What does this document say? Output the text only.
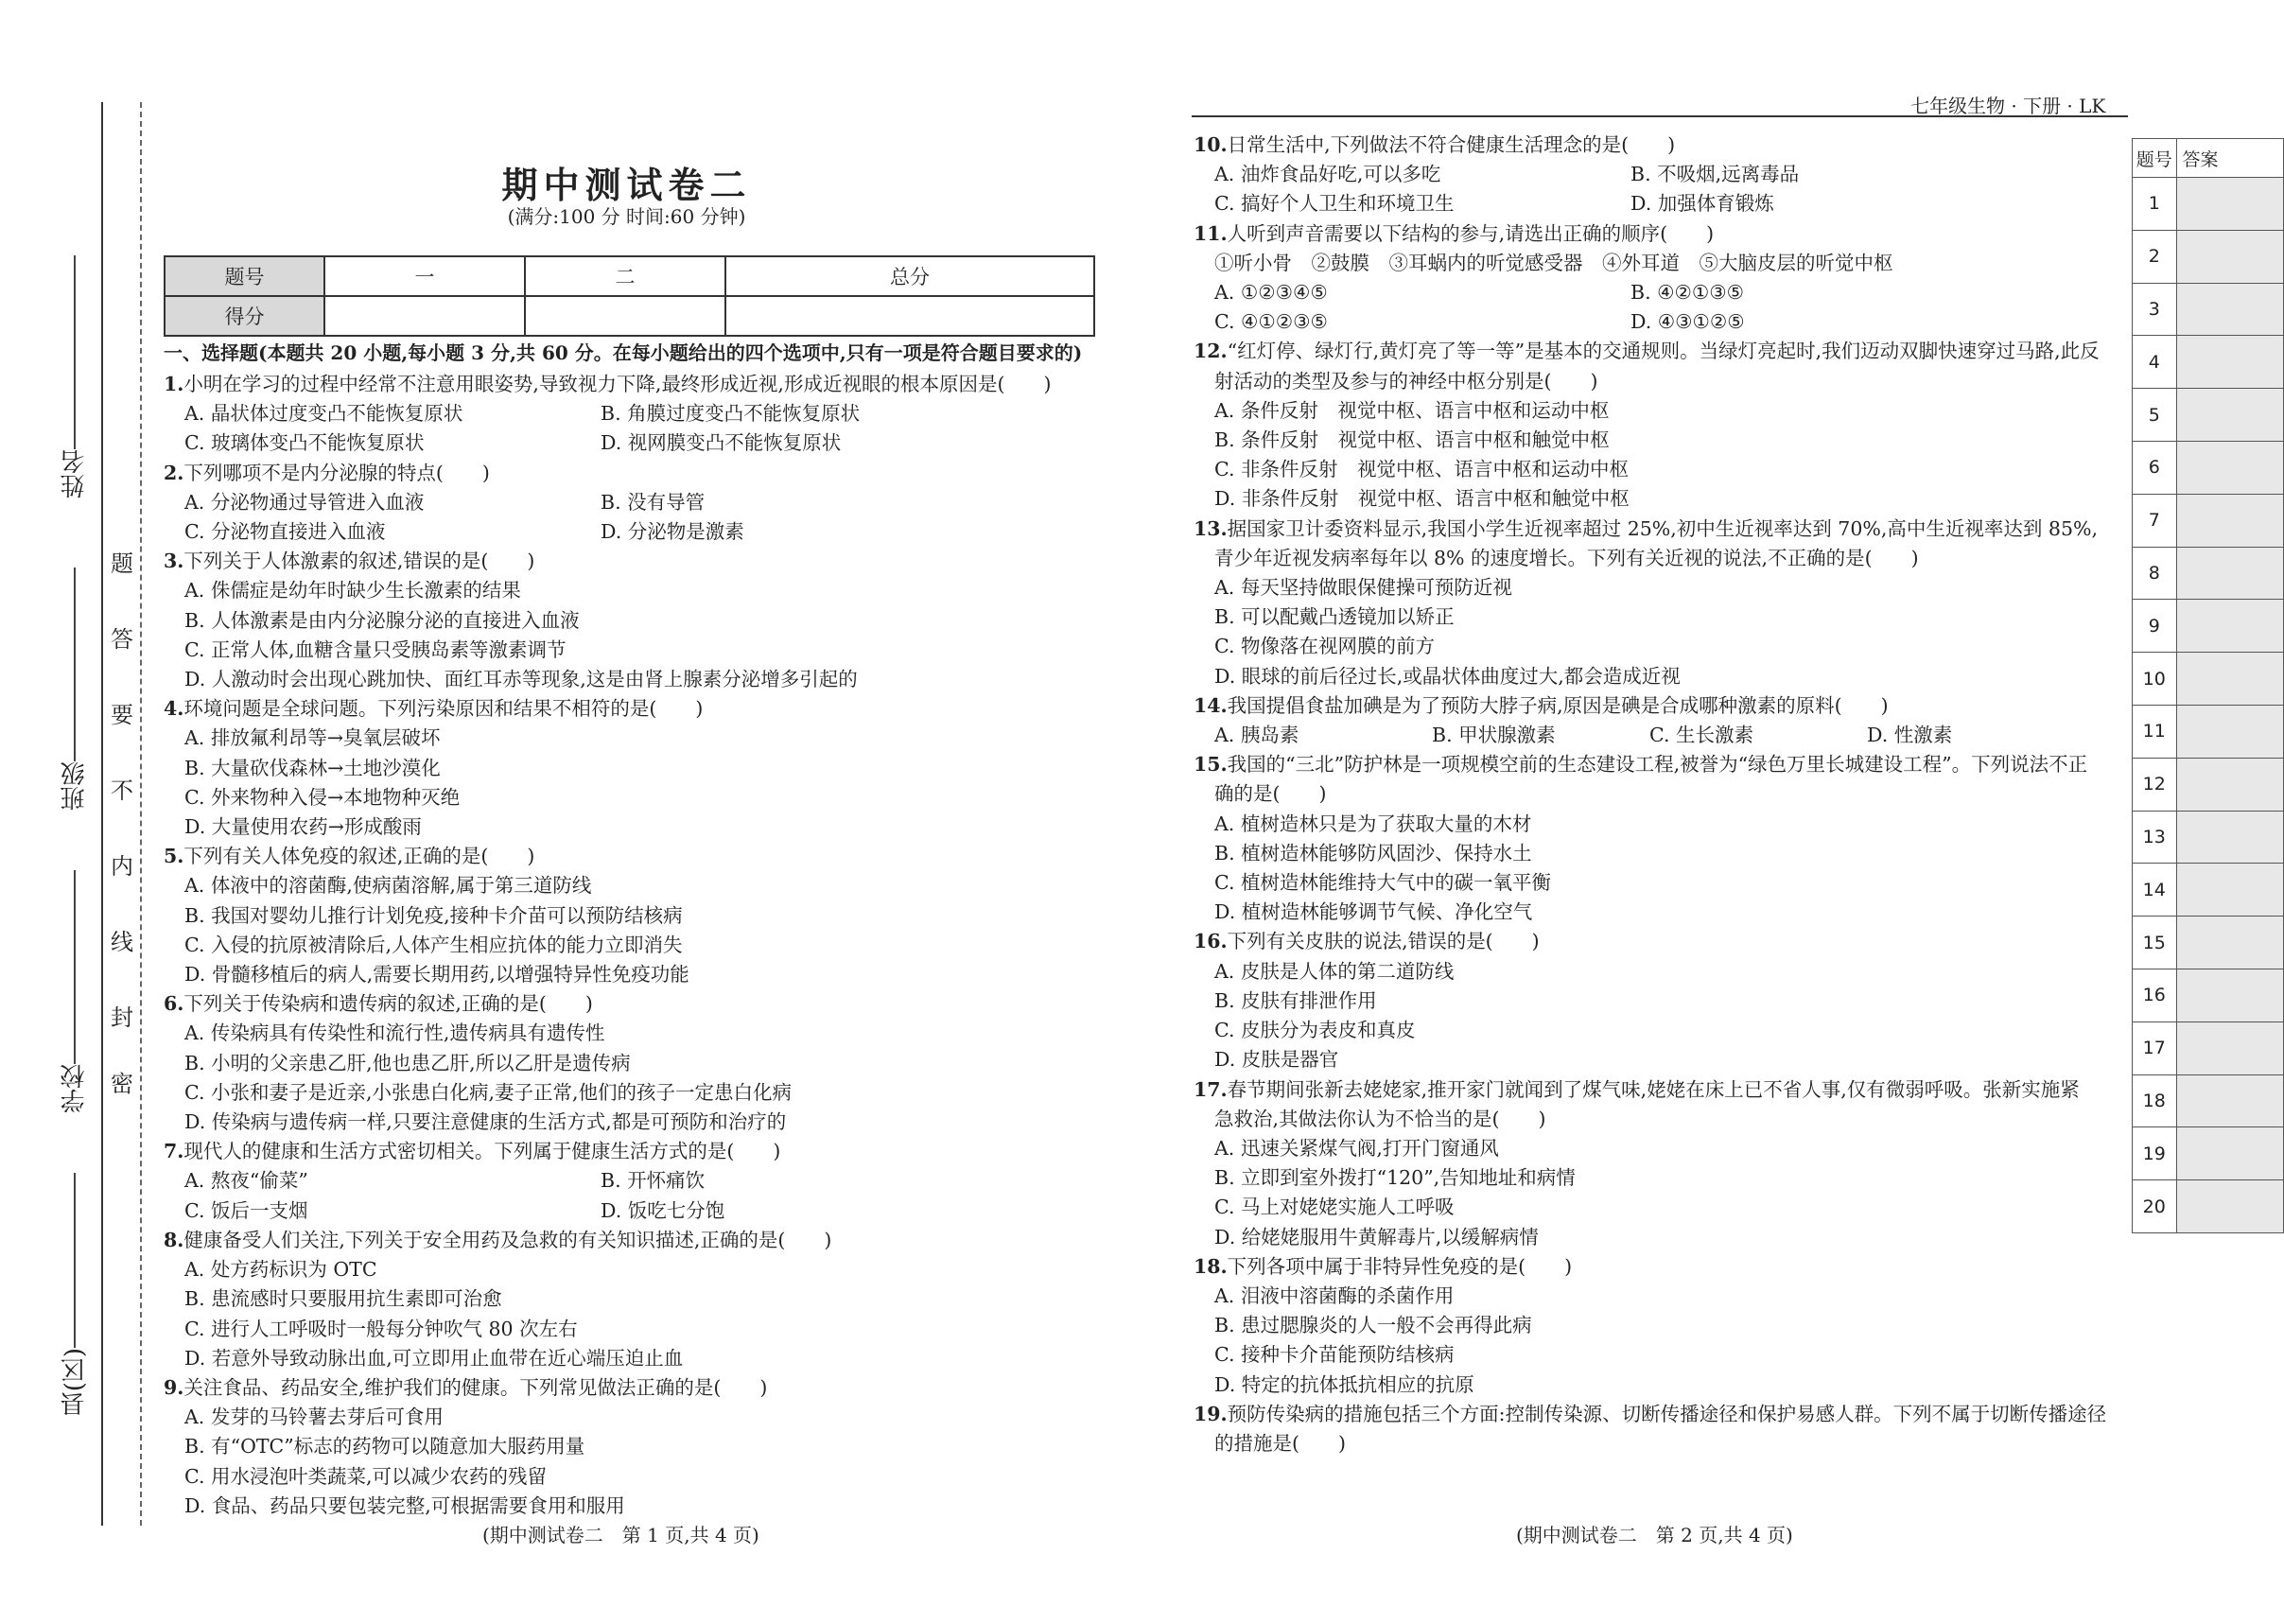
姓名
班级
学校
县(区)
题
答
要
不
内
线
封
密
期中测试卷二
(满分:100 分 时间:60 分钟)
题号	一	二	总分
得分			
一、选择题(本题共 20 小题,每小题 3 分,共 60 分。在每小题给出的四个选项中,只有一项是符合题目要求的)
1.小明在学习的过程中经常不注意用眼姿势,导致视力下降,最终形成近视,形成近视眼的根本原因是(　　)
A. 晶状体过度变凸不能恢复原状	B. 角膜过度变凸不能恢复原状
C. 玻璃体变凸不能恢复原状	D. 视网膜变凸不能恢复原状
2.下列哪项不是内分泌腺的特点(　　)
A. 分泌物通过导管进入血液	B. 没有导管
C. 分泌物直接进入血液	D. 分泌物是激素
3.下列关于人体激素的叙述,错误的是(　　)
A. 侏儒症是幼年时缺少生长激素的结果
B. 人体激素是由内分泌腺分泌的直接进入血液
C. 正常人体,血糖含量只受胰岛素等激素调节
D. 人激动时会出现心跳加快、面红耳赤等现象,这是由肾上腺素分泌增多引起的
4.环境问题是全球问题。下列污染原因和结果不相符的是(　　)
A. 排放氟利昂等→臭氧层破坏
B. 大量砍伐森林→土地沙漠化
C. 外来物种入侵→本地物种灭绝
D. 大量使用农药→形成酸雨
5.下列有关人体免疫的叙述,正确的是(　　)
A. 体液中的溶菌酶,使病菌溶解,属于第三道防线
B. 我国对婴幼儿推行计划免疫,接种卡介苗可以预防结核病
C. 入侵的抗原被清除后,人体产生相应抗体的能力立即消失
D. 骨髓移植后的病人,需要长期用药,以增强特异性免疫功能
6.下列关于传染病和遗传病的叙述,正确的是(　　)
A. 传染病具有传染性和流行性,遗传病具有遗传性
B. 小明的父亲患乙肝,他也患乙肝,所以乙肝是遗传病
C. 小张和妻子是近亲,小张患白化病,妻子正常,他们的孩子一定患白化病
D. 传染病与遗传病一样,只要注意健康的生活方式,都是可预防和治疗的
7.现代人的健康和生活方式密切相关。下列属于健康生活方式的是(　　)
A. 熬夜“偷菜”	B. 开怀痛饮
C. 饭后一支烟	D. 饭吃七分饱
8.健康备受人们关注,下列关于安全用药及急救的有关知识描述,正确的是(　　)
A. 处方药标识为 OTC
B. 患流感时只要服用抗生素即可治愈
C. 进行人工呼吸时一般每分钟吹气 80 次左右
D. 若意外导致动脉出血,可立即用止血带在近心端压迫止血
9.关注食品、药品安全,维护我们的健康。下列常见做法正确的是(　　)
A. 发芽的马铃薯去芽后可食用
B. 有“OTC”标志的药物可以随意加大服药用量
C. 用水浸泡叶类蔬菜,可以减少农药的残留
D. 食品、药品只要包装完整,可根据需要食用和服用
10.日常生活中,下列做法不符合健康生活理念的是(　　)
A. 油炸食品好吃,可以多吃	B. 不吸烟,远离毒品
C. 搞好个人卫生和环境卫生	D. 加强体育锻炼
11.人听到声音需要以下结构的参与,请选出正确的顺序(　　)
①听小骨　②鼓膜　③耳蜗内的听觉感受器　④外耳道　⑤大脑皮层的听觉中枢
A. ①②③④⑤	B. ④②①③⑤
C. ④①②③⑤	D. ④③①②⑤
12.“红灯停、绿灯行,黄灯亮了等一等”是基本的交通规则。当绿灯亮起时,我们迈动双脚快速穿过马路,此反
射活动的类型及参与的神经中枢分别是(　　)
A. 条件反射　视觉中枢、语言中枢和运动中枢
B. 条件反射　视觉中枢、语言中枢和触觉中枢
C. 非条件反射　视觉中枢、语言中枢和运动中枢
D. 非条件反射　视觉中枢、语言中枢和触觉中枢
13.据国家卫计委资料显示,我国小学生近视率超过 25%,初中生近视率达到 70%,高中生近视率达到 85%,
青少年近视发病率每年以 8% 的速度增长。下列有关近视的说法,不正确的是(　　)
A. 每天坚持做眼保健操可预防近视
B. 可以配戴凸透镜加以矫正
C. 物像落在视网膜的前方
D. 眼球的前后径过长,或晶状体曲度过大,都会造成近视
14.我国提倡食盐加碘是为了预防大脖子病,原因是碘是合成哪种激素的原料(　　)
A. 胰岛素	B. 甲状腺激素	C. 生长激素	D. 性激素
15.我国的“三北”防护林是一项规模空前的生态建设工程,被誉为“绿色万里长城建设工程”。下列说法不正
确的是(　　)
A. 植树造林只是为了获取大量的木材
B. 植树造林能够防风固沙、保持水土
C. 植树造林能维持大气中的碳一氧平衡
D. 植树造林能够调节气候、净化空气
16.下列有关皮肤的说法,错误的是(　　)
A. 皮肤是人体的第二道防线
B. 皮肤有排泄作用
C. 皮肤分为表皮和真皮
D. 皮肤是器官
17.春节期间张新去姥姥家,推开家门就闻到了煤气味,姥姥在床上已不省人事,仅有微弱呼吸。张新实施紧
急救治,其做法你认为不恰当的是(　　)
A. 迅速关紧煤气阀,打开门窗通风
B. 立即到室外拨打“120”,告知地址和病情
C. 马上对姥姥实施人工呼吸
D. 给姥姥服用牛黄解毒片,以缓解病情
18.下列各项中属于非特异性免疫的是(　　)
A. 泪液中溶菌酶的杀菌作用
B. 患过腮腺炎的人一般不会再得此病
C. 接种卡介苗能预防结核病
D. 特定的抗体抵抗相应的抗原
19.预防传染病的措施包括三个方面:控制传染源、切断传播途径和保护易感人群。下列不属于切断传播途径
的措施是(　　)
七年级生物 · 下册 · LK
题号	答案
1	
2	
3	
4	
5	
6	
7	
8	
9	
10	
11	
12	
13	
14	
15	
16	
17	
18	
19	
20	
(期中测试卷二　第 1 页,共 4 页)	(期中测试卷二　第 2 页,共 4 页)
